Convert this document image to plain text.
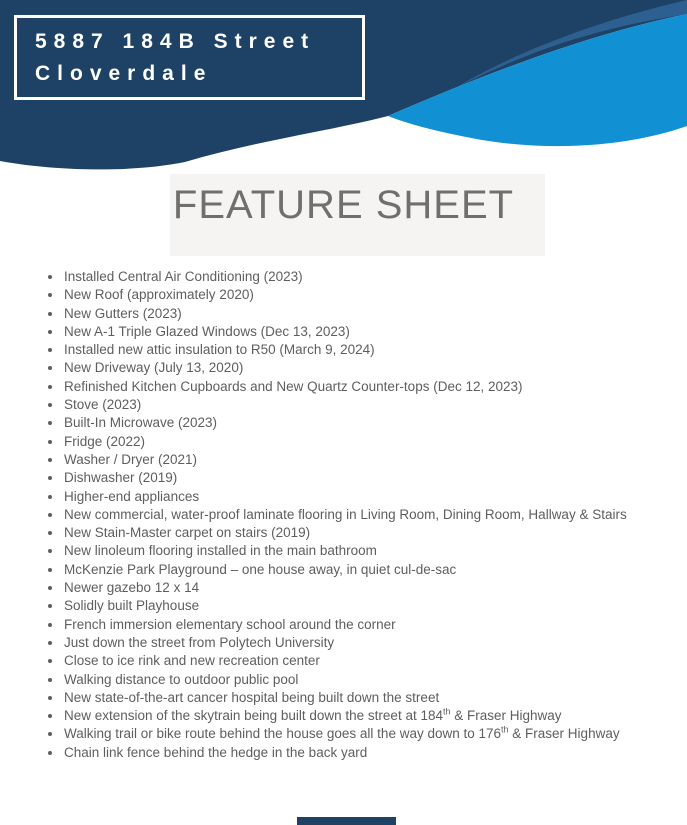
5887 184B Street
Cloverdale
FEATURE SHEET
Installed Central Air Conditioning (2023)
New Roof (approximately 2020)
New Gutters (2023)
New A-1 Triple Glazed Windows (Dec 13, 2023)
Installed new attic insulation to R50 (March 9, 2024)
New Driveway (July 13, 2020)
Refinished Kitchen Cupboards and New Quartz Counter-tops (Dec 12, 2023)
Stove (2023)
Built-In Microwave (2023)
Fridge (2022)
Washer / Dryer (2021)
Dishwasher (2019)
Higher-end appliances
New commercial, water-proof laminate flooring in Living Room, Dining Room, Hallway & Stairs
New Stain-Master carpet on stairs (2019)
New linoleum flooring installed in the main bathroom
McKenzie Park Playground – one house away, in quiet cul-de-sac
Newer gazebo 12 x 14
Solidly built Playhouse
French immersion elementary school around the corner
Just down the street from Polytech University
Close to ice rink and new recreation center
Walking distance to outdoor public pool
New state-of-the-art cancer hospital being built down the street
New extension of the skytrain being built down the street at 184th & Fraser Highway
Walking trail or bike route behind the house goes all the way down to 176th & Fraser Highway
Chain link fence behind the hedge in the back yard
